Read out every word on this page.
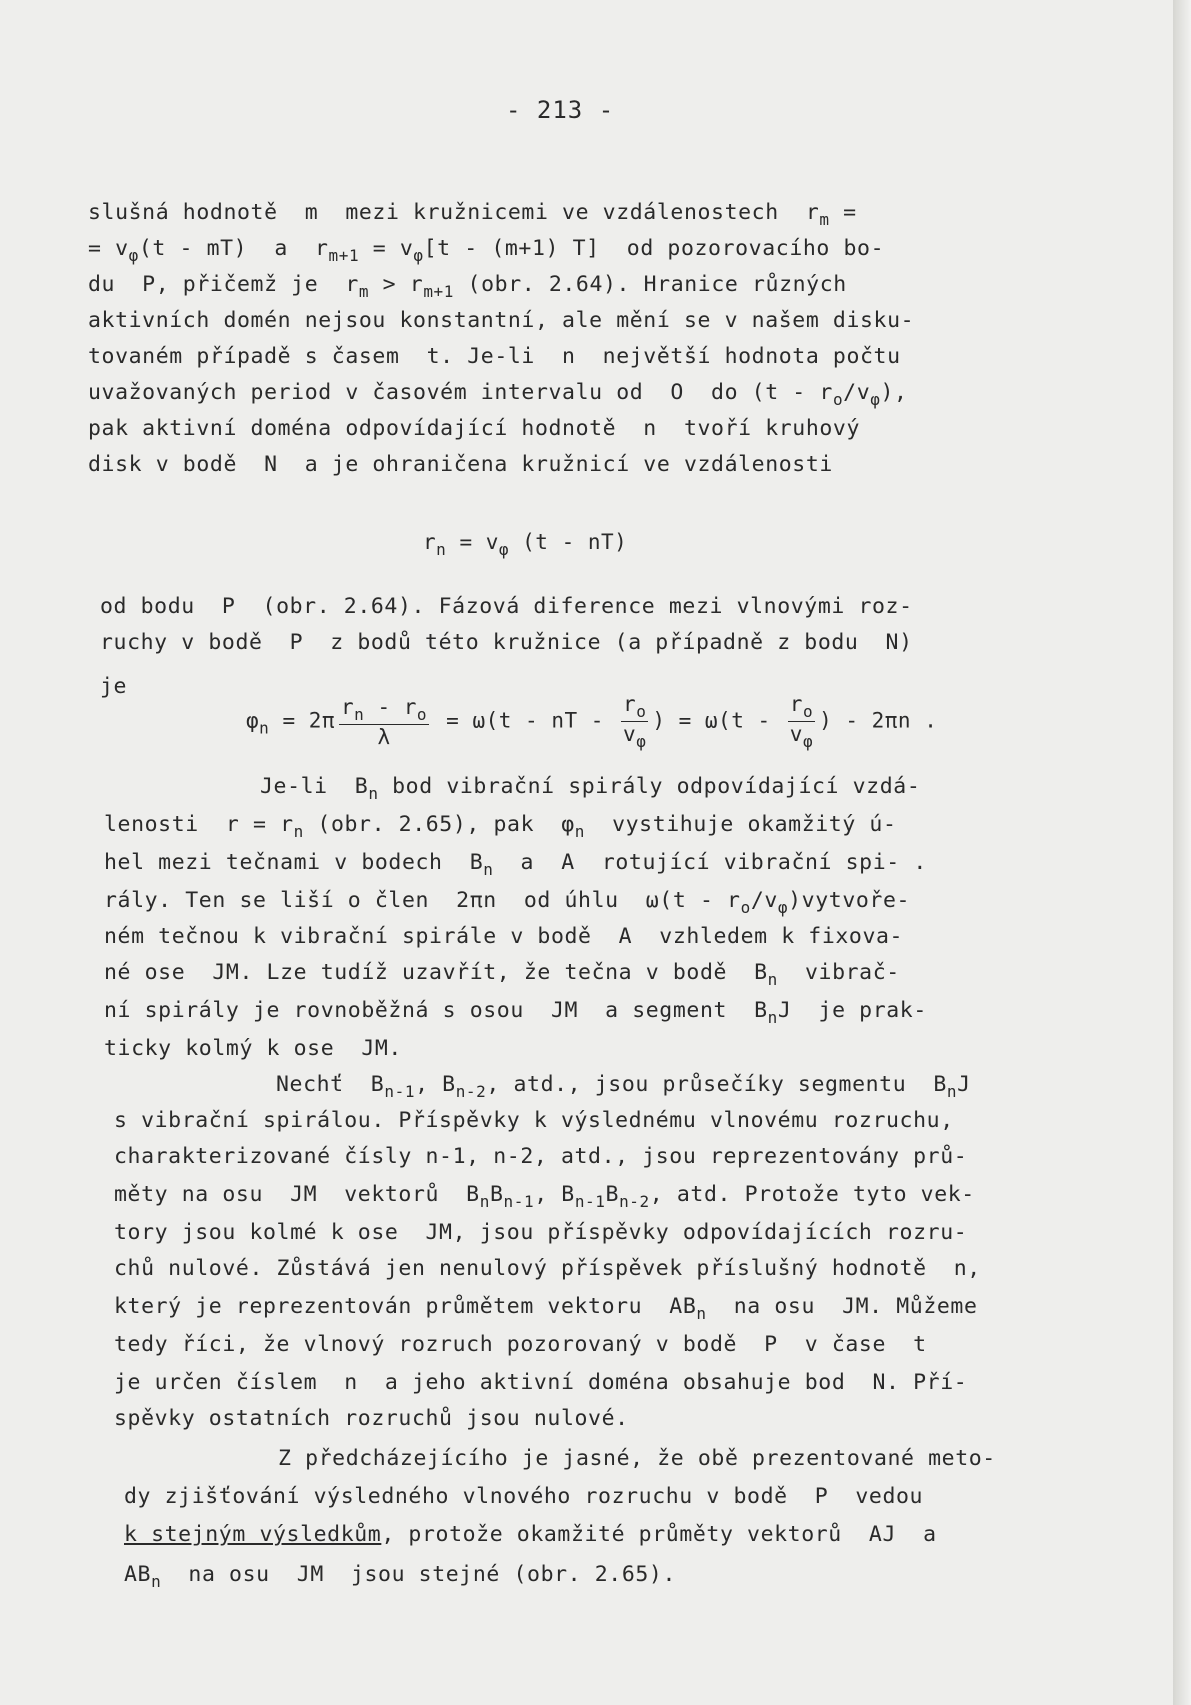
- 213 -
slušná hodnotě  m  mezi kružnicemi ve vzdálenostech  $r_m$ =
= $v_\varphi(t - mT)$  a  $r_{m+1} = v_\varphi[t - (m+1)$ T]  od pozorovacího bo-
du  P, přičemž je  $r_m > r_{m+1}$ (obr. 2.64). Hranice různých
aktivních domén nejsou konstantní, ale mění se v našem disku-
tovaném případě s časem  t. Je-li  n  největší hodnota počtu
uvažovaných period v časovém intervalu od  O  do $(t - r_o/v_\varphi)$,
pak aktivní doména odpovídající hodnotě  n  tvoří kruhový
disk v bodě  N  a je ohraničena kružnicí ve vzdálenosti
$r_n = v_\varphi$ (t - nT)
od bodu  P  (obr. 2.64). Fázová diference mezi vlnovými roz-
ruchy v bodě  P  z bodů této kružnice (a případně z bodu  N)
je
$\varphi_n = 2\pi \frac{r_n - r_o}{\lambda} = \omega(t$ - nT - $\frac{r_o}{v_\varphi}$ ) = $\omega(t - \frac{r_o}{v_\varphi}$ ) - 2πn .
Je-li  $B_n$ bod vibrační spirály odpovídající vzdá-
lenosti  $r = r_n$ (obr. 2.65), pak  $\varphi_n$  vystihuje okamžitý ú-
hel mezi tečnami v bodech  $B_n$  a  A  rotující vibrační spi- .
rály. Ten se liší o člen  2πn  od úhlu  $\omega(t - r_o/v_\varphi)vytvoře-$
ném tečnou k vibrační spirále v bodě  A  vzhledem k fixova-
né ose  JM. Lze tudíž uzavřít, že tečna v bodě  $B_n$  vibrač-
ní spirály je rovnoběžná s osou  JM  a segment  $B_nJ$  je prak-
ticky kolmý k ose  JM.
Nechť  $B_{n-1}$, $B_{n-2}$, atd., jsou průsečíky segmentu  $B_nJ$
s vibrační spirálou. Příspěvky k výslednému vlnovému rozruchu,
charakterizované čísly n-1, n-2, atd., jsou reprezentovány prů-
měty na osu  JM  vektorů  $B_nB_{n-1}$, $B_{n-1}B_{n-2}$, atd. Protože tyto vek-
tory jsou kolmé k ose  JM, jsou příspěvky odpovídajících rozru-
chů nulové. Zůstává jen nenulový příspěvek příslušný hodnotě  n,
který je reprezentován průmětem vektoru  $AB_n$  na osu  JM. Můžeme
tedy říci, že vlnový rozruch pozorovaný v bodě  P  v čase  t
je určen číslem  n  a jeho aktivní doména obsahuje bod  N. Pří-
spěvky ostatních rozruchů jsou nulové.
Z předcházejícího je jasné, že obě prezentované meto-
dy zjišťování výsledného vlnového rozruchu v bodě  P  vedou
k stejným výsledkům, protože okamžité průměty vektorů  AJ  a
$AB_n$ na osu  JM  jsou stejné (obr. 2.65).
